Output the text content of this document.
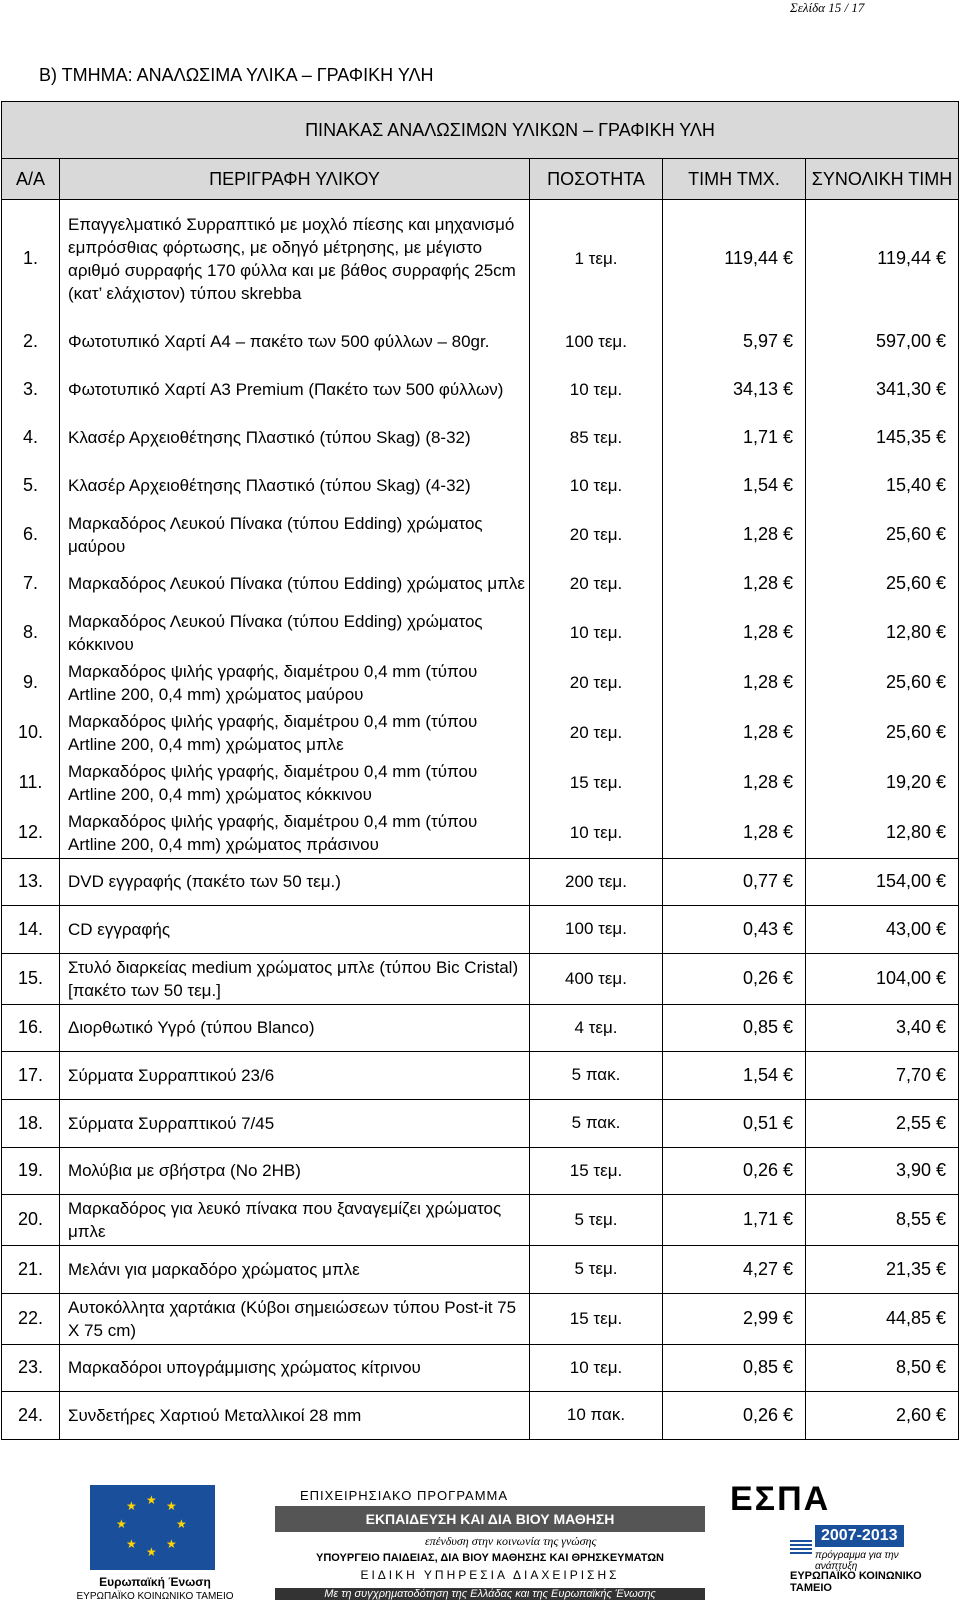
Σελίδα 15 / 17
Β) ΤΜΗΜΑ: ΑΝΑΛΩΣΙΜΑ ΥΛΙΚΑ – ΓΡΑΦΙΚΗ ΥΛΗ
ΠΙΝΑΚΑΣ ΑΝΑΛΩΣΙΜΩΝ ΥΛΙΚΩΝ – ΓΡΑΦΙΚΗ ΥΛΗ				
Α/Α	ΠΕΡΙΓΡΑΦΗ ΥΛΙΚΟΥ	ΠΟΣΟΤΗΤΑ	ΤΙΜΗ ΤΜΧ.	ΣΥΝΟΛΙΚΗ ΤΙΜΗ
1.	Επαγγελματικό Συρραπτικό με μοχλό πίεσης και μηχανισμό εμπρόσθιας φόρτωσης, με οδηγό μέτρησης, με μέγιστο αριθμό συρραφής 170 φύλλα και με βάθος συρραφής 25cm (κατ’ ελάχιστον) τύπου skrebba	1 τεμ.	119,44 €	119,44 €
2.	Φωτοτυπικό Χαρτί A4 – πακέτο των 500 φύλλων – 80gr.	100 τεμ.	5,97 €	597,00 €
3.	Φωτοτυπικό Χαρτί A3 Premium (Πακέτο των 500 φύλλων)	10 τεμ.	34,13 €	341,30 €
4.	Κλασέρ Αρχειοθέτησης Πλαστικό (τύπου Skag) (8-32)	85 τεμ.	1,71 €	145,35 €
5.	Κλασέρ Αρχειοθέτησης Πλαστικό (τύπου Skag) (4-32)	10 τεμ.	1,54 €	15,40 €
6.	Μαρκαδόρος Λευκού Πίνακα (τύπου Edding) χρώματος μαύρου	20 τεμ.	1,28 €	25,60 €
7.	Μαρκαδόρος Λευκού Πίνακα (τύπου Edding) χρώματος μπλε	20 τεμ.	1,28 €	25,60 €
8.	Μαρκαδόρος Λευκού Πίνακα (τύπου Edding) χρώματος κόκκινου	10 τεμ.	1,28 €	12,80 €
9.	Μαρκαδόρος ψιλής γραφής, διαμέτρου 0,4 mm (τύπου Artline 200, 0,4 mm) χρώματος μαύρου	20 τεμ.	1,28 €	25,60 €
10.	Μαρκαδόρος ψιλής γραφής, διαμέτρου 0,4 mm (τύπου Artline 200, 0,4 mm) χρώματος μπλε	20 τεμ.	1,28 €	25,60 €
11.	Μαρκαδόρος ψιλής γραφής, διαμέτρου 0,4 mm (τύπου Artline 200, 0,4 mm) χρώματος κόκκινου	15 τεμ.	1,28 €	19,20 €
12.	Μαρκαδόρος ψιλής γραφής, διαμέτρου 0,4 mm (τύπου Artline 200, 0,4 mm) χρώματος πράσινου	10 τεμ.	1,28 €	12,80 €
13.	DVD εγγραφής (πακέτο των 50 τεμ.)	200 τεμ.	0,77 €	154,00 €
14.	CD εγγραφής	100 τεμ.	0,43 €	43,00 €
15.	Στυλό διαρκείας medium χρώματος μπλε (τύπου Bic Cristal) [πακέτο των 50 τεμ.]	400 τεμ.	0,26 €	104,00 €
16.	Διορθωτικό Υγρό (τύπου Blanco)	4 τεμ.	0,85 €	3,40 €
17.	Σύρματα Συρραπτικού 23/6	5 πακ.	1,54 €	7,70 €
18.	Σύρματα Συρραπτικού 7/45	5 πακ.	0,51 €	2,55 €
19.	Μολύβια με σβήστρα (No 2HB)	15 τεμ.	0,26 €	3,90 €
20.	Μαρκαδόρος για λευκό πίνακα που ξαναγεμίζει χρώματος μπλε	5 τεμ.	1,71 €	8,55 €
21.	Μελάνι για μαρκαδόρο χρώματος μπλε	5 τεμ.	4,27 €	21,35 €
22.	Αυτοκόλλητα χαρτάκια (Κύβοι σημειώσεων τύπου Post-it 75 X 75 cm)	15 τεμ.	2,99 €	44,85 €
23.	Μαρκαδόροι υπογράμμισης χρώματος κίτρινου	10 τεμ.	0,85 €	8,50 €
24.	Συνδετήρες Χαρτιού Μεταλλικοί 28 mm	10 πακ.	0,26 €	2,60 €
★ ★
★
★
★
★
★
★
Ευρωπαϊκή Ένωση
ΕΥΡΩΠΑΪΚΟ ΚΟΙΝΩΝΙΚΟ ΤΑΜΕΙΟ
ΕΠΙΧΕΙΡΗΣΙΑΚΟ ΠΡΟΓΡΑΜΜΑ
ΕΚΠΑΙΔΕΥΣΗ ΚΑΙ ΔΙΑ ΒΙΟΥ ΜΑΘΗΣΗ
επένδυση στην κοινωνία της γνώσης
ΥΠΟΥΡΓΕΙΟ ΠΑΙΔΕΙΑΣ, ΔΙΑ ΒΙΟΥ ΜΑΘΗΣΗΣ ΚΑΙ ΘΡΗΣΚΕΥΜΑΤΩΝ
ΕΙΔΙΚΗ ΥΠΗΡΕΣΙΑ ΔΙΑΧΕΙΡΙΣΗΣ
Με τη συγχρηματοδότηση της Ελλάδας και της Ευρωπαϊκής Ένωσης
ΕΣΠΑ
2007-2013
πρόγραμμα για την ανάπτυξη
ΕΥΡΩΠΑΪΚΟ ΚΟΙΝΩΝΙΚΟ ΤΑΜΕΙΟ
